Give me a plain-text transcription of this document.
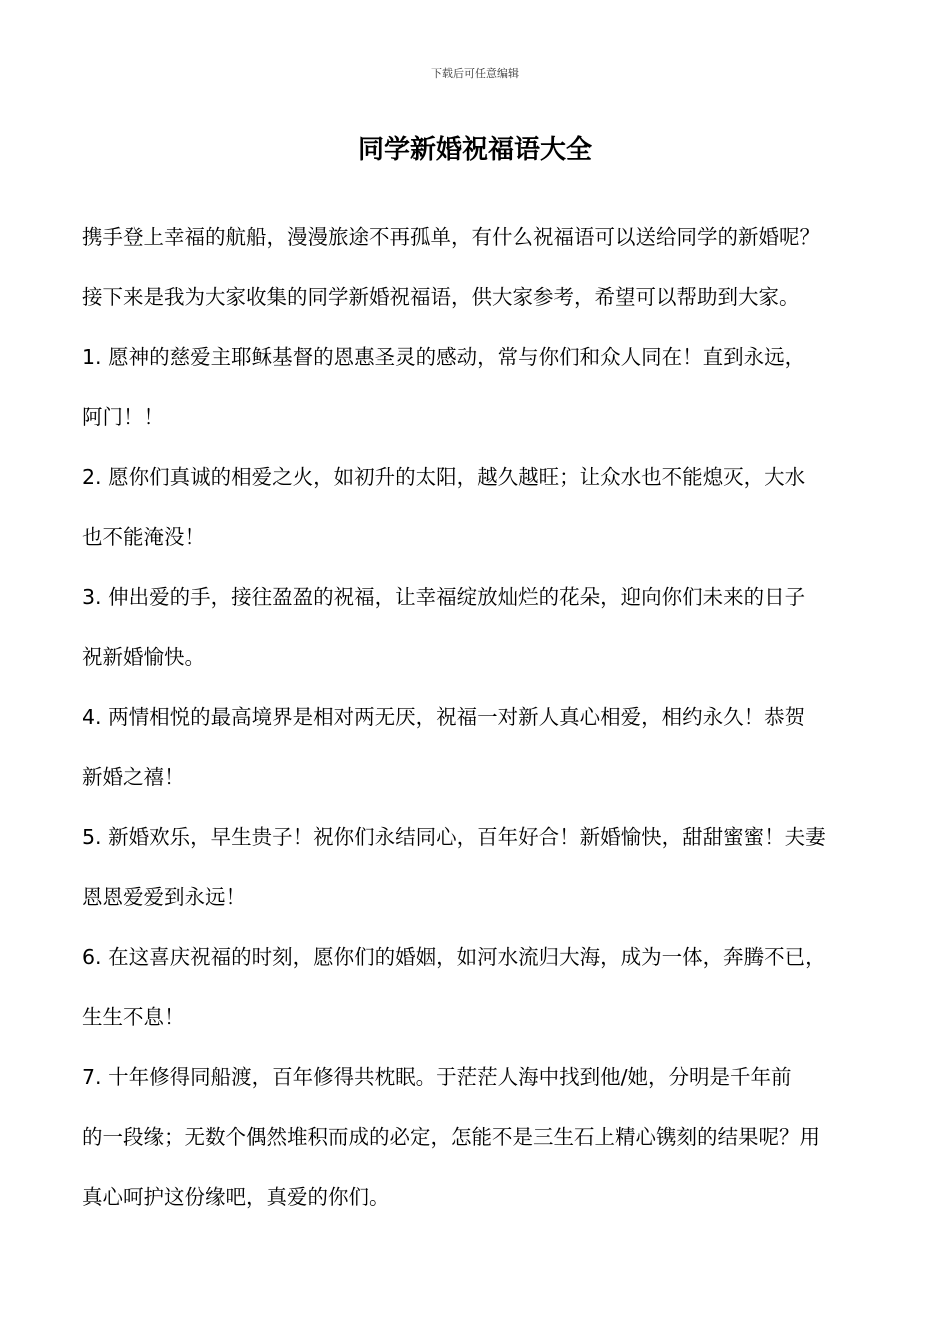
下载后可任意编辑
同学新婚祝福语大全
携手登上幸福的航船，漫漫旅途不再孤单，有什么祝福语可以送给同学的新婚呢？
接下来是我为大家收集的同学新婚祝福语，供大家参考，希望可以帮助到大家。
1. 愿神的慈爱主耶稣基督的恩惠圣灵的感动，常与你们和众人同在！直到永远，
阿门！！
2. 愿你们真诚的相爱之火，如初升的太阳，越久越旺；让众水也不能熄灭，大水
也不能淹没！
3. 伸出爱的手，接往盈盈的祝福，让幸福绽放灿烂的花朵，迎向你们未来的日子
祝新婚愉快。
4. 两情相悦的最高境界是相对两无厌，祝福一对新人真心相爱，相约永久！恭贺
新婚之禧！
5. 新婚欢乐，早生贵子！祝你们永结同心，百年好合！新婚愉快，甜甜蜜蜜！夫妻
恩恩爱爱到永远！
6. 在这喜庆祝福的时刻，愿你们的婚姻，如河水流归大海，成为一体，奔腾不已，
生生不息！
7. 十年修得同船渡，百年修得共枕眠。于茫茫人海中找到他/她，分明是千年前
的一段缘；无数个偶然堆积而成的必定，怎能不是三生石上精心镌刻的结果呢？用
真心呵护这份缘吧，真爱的你们。
